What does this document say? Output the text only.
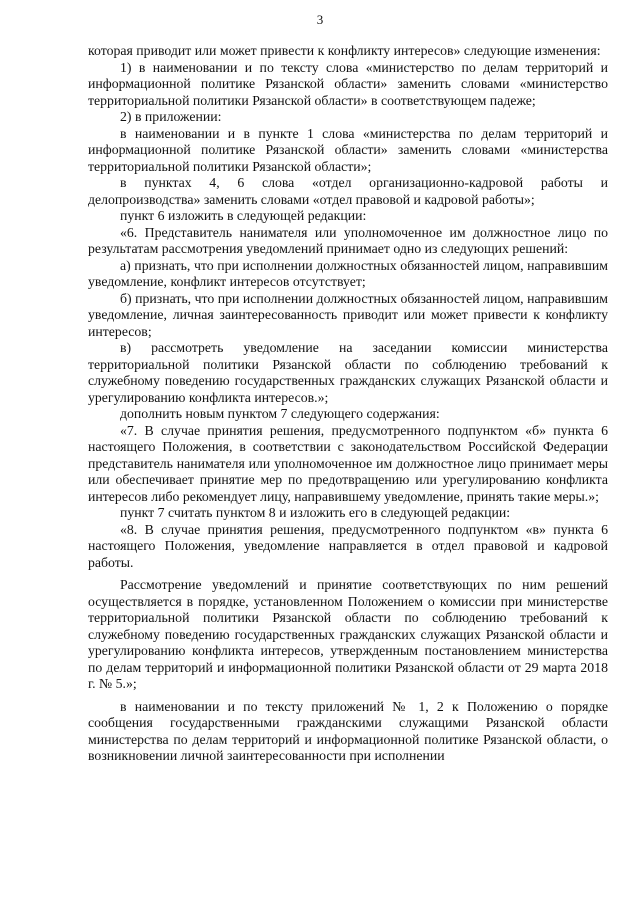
3

которая приводит или может привести к конфликту интересов» следующие изменения:

1) в наименовании и по тексту слова «министерство по делам территорий и информационной политике Рязанской области» заменить словами «министерство территориальной политики Рязанской области» в соответствующем падеже;

2) в приложении:

в наименовании и в пункте 1 слова «министерства по делам территорий и информационной политике Рязанской области» заменить словами «министерства территориальной политики Рязанской области»;

в пунктах 4, 6 слова «отдел организационно-кадровой работы и делопроизводства» заменить словами «отдел правовой и кадровой работы»;

пункт 6 изложить в следующей редакции:

«6. Представитель нанимателя или уполномоченное им должностное лицо по результатам рассмотрения уведомлений принимает одно из следующих решений:

а) признать, что при исполнении должностных обязанностей лицом, направившим уведомление, конфликт интересов отсутствует;

б) признать, что при исполнении должностных обязанностей лицом, направившим уведомление, личная заинтересованность приводит или может привести к конфликту интересов;

в) рассмотреть уведомление на заседании комиссии министерства территориальной политики Рязанской области по соблюдению требований к служебному поведению государственных гражданских служащих Рязанской области и урегулированию конфликта интересов.»;

дополнить новым пунктом 7 следующего содержания:

«7. В случае принятия решения, предусмотренного подпунктом «б» пункта 6 настоящего Положения, в соответствии с законодательством Российской Федерации представитель нанимателя или уполномоченное им должностное лицо принимает меры или обеспечивает принятие мер по предотвращению или урегулированию конфликта интересов либо рекомендует лицу, направившему уведомление, принять такие меры.»;

пункт 7 считать пунктом 8 и изложить его в следующей редакции:

«8. В случае принятия решения, предусмотренного подпунктом «в» пункта 6 настоящего Положения, уведомление направляется в отдел правовой и кадровой работы.

Рассмотрение уведомлений и принятие соответствующих по ним решений осуществляется в порядке, установленном Положением о комиссии при министерстве территориальной политики Рязанской области по соблюдению требований к служебному поведению государственных гражданских служащих Рязанской области и урегулированию конфликта интересов, утвержденным постановлением министерства по делам территорий и информационной политики Рязанской области от 29 марта 2018 г. № 5.»;

в наименовании и по тексту приложений № 1, 2 к Положению о порядке сообщения государственными гражданскими служащими Рязанской области министерства по делам территорий и информационной политике Рязанской области, о возникновении личной заинтересованности при исполнении
